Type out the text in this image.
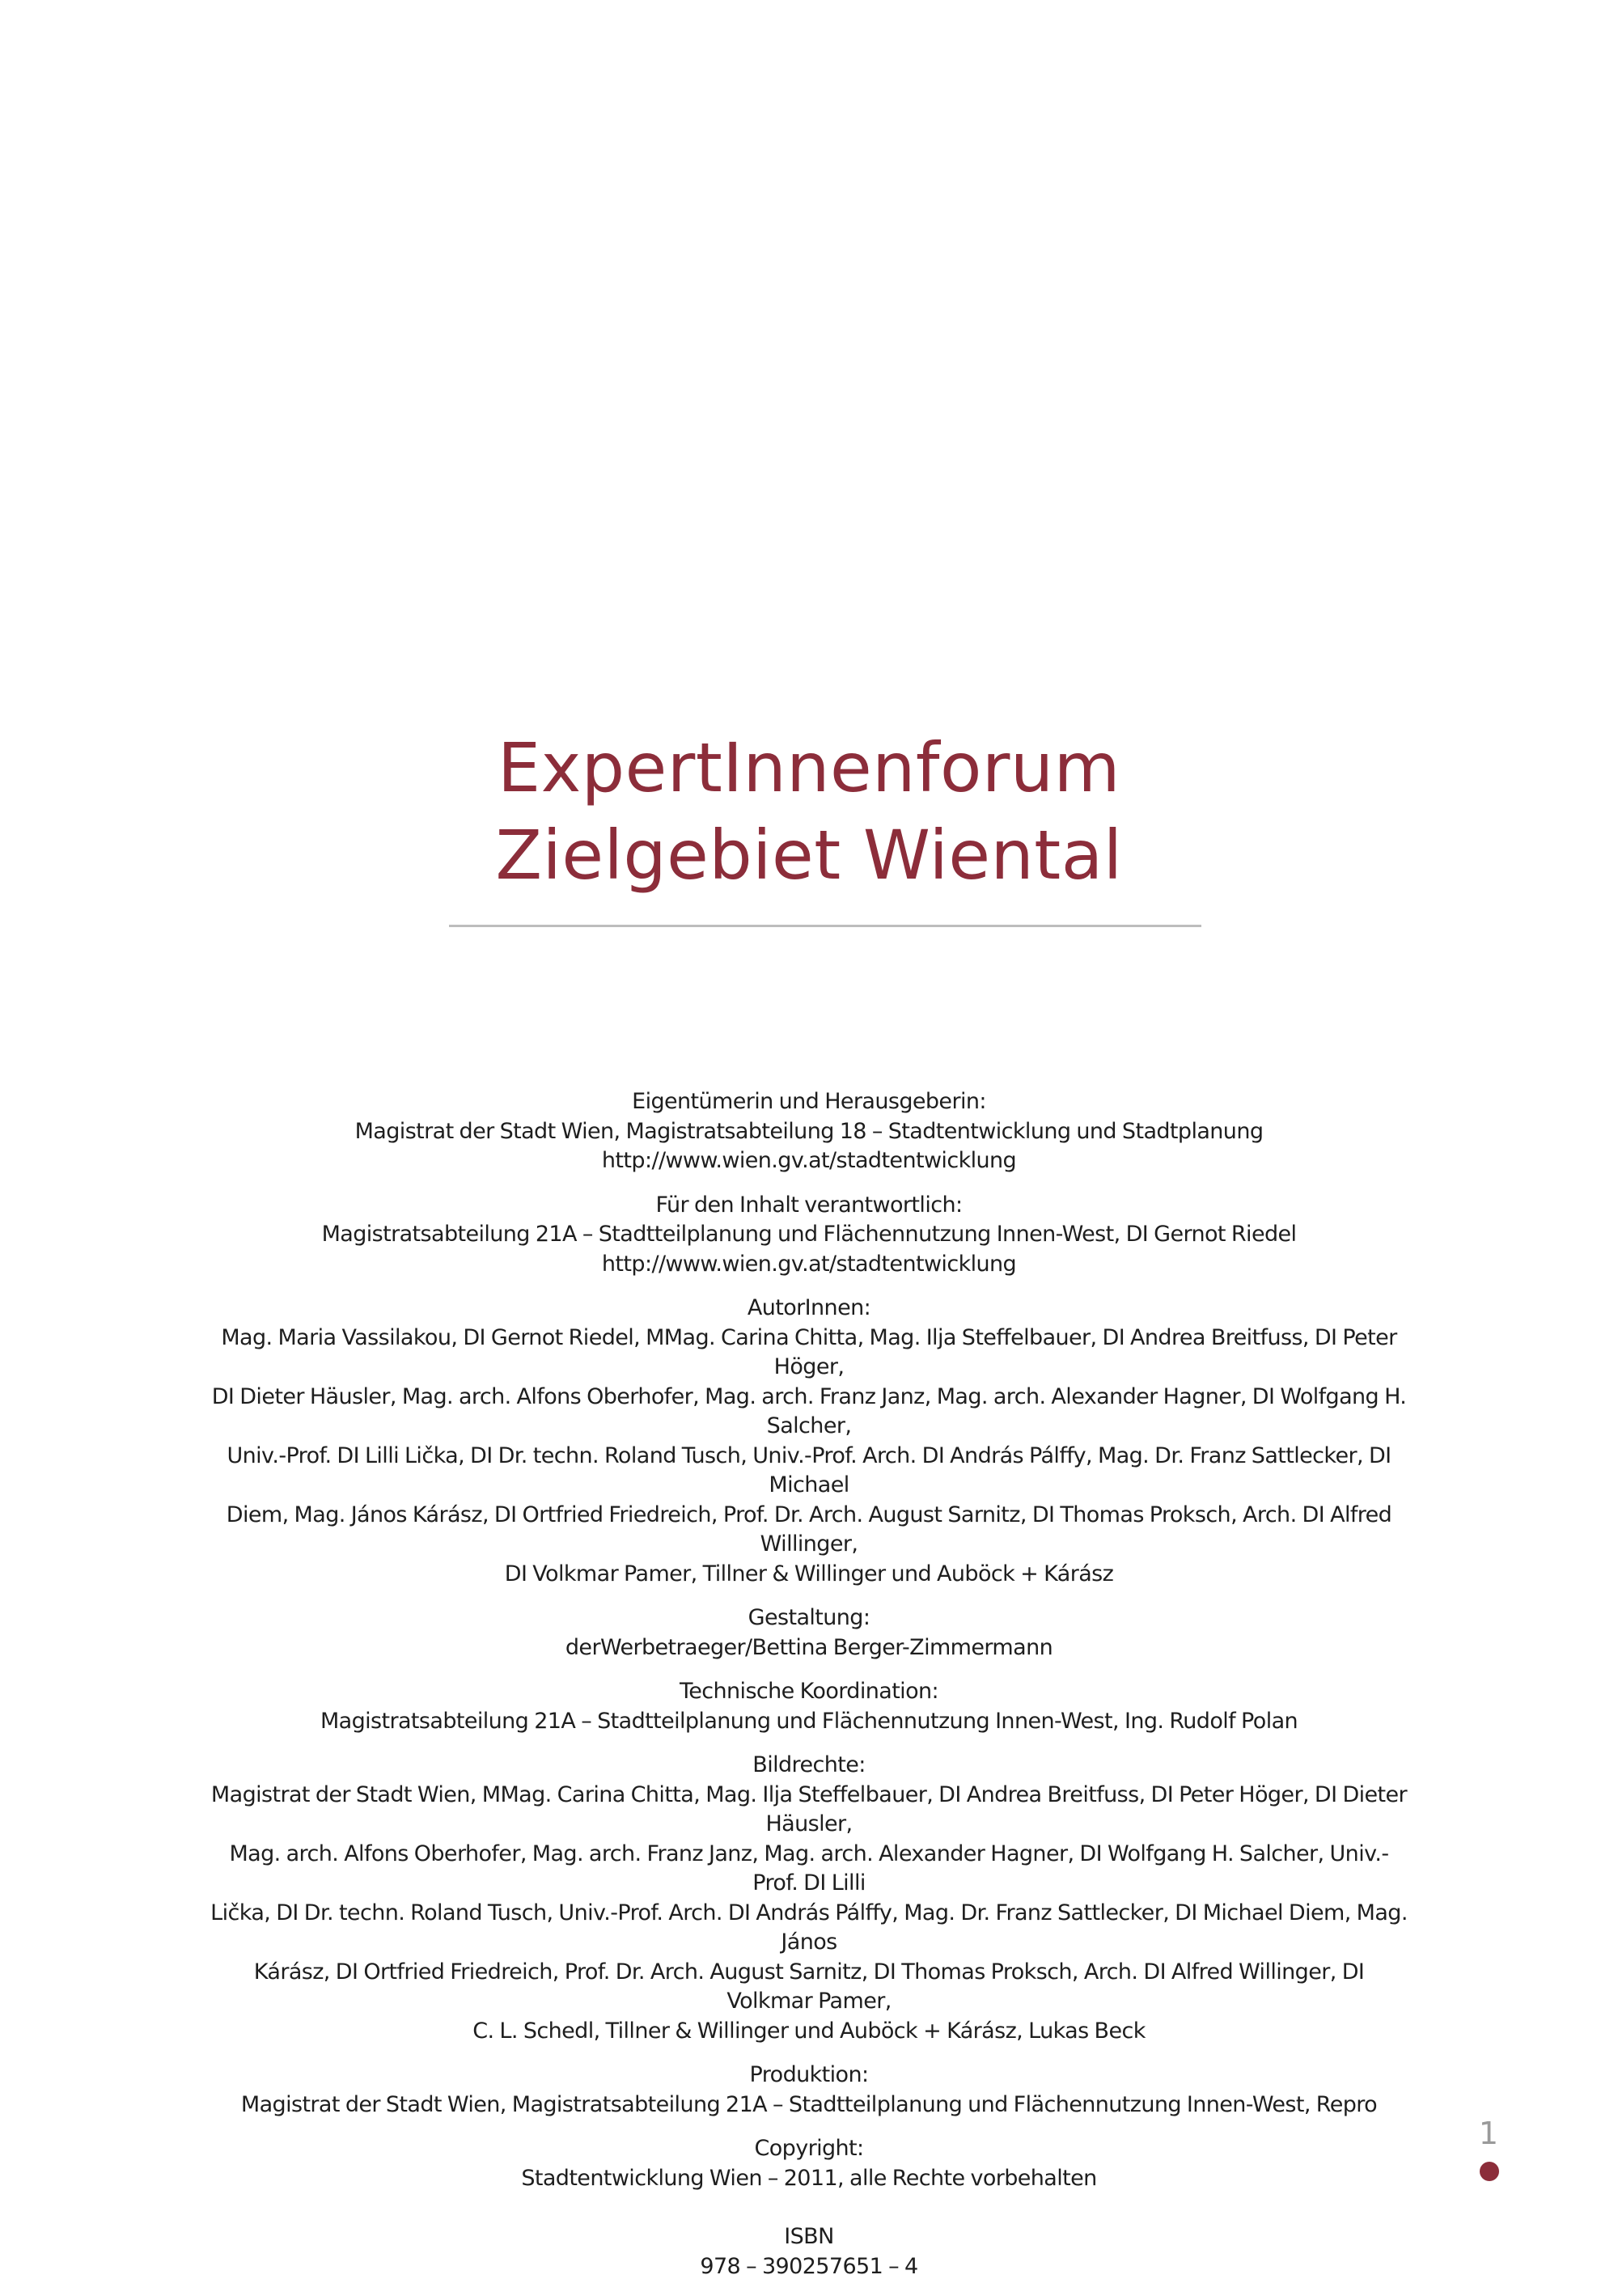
ExpertInnenforum
Zielgebiet Wiental
Eigentümerin und Herausgeberin:
Magistrat der Stadt Wien, Magistratsabteilung 18 – Stadtentwicklung und Stadtplanung
http://www.wien.gv.at/stadtentwicklung
Für den Inhalt verantwortlich:
Magistratsabteilung 21A – Stadtteilplanung und Flächennutzung Innen-West, DI Gernot Riedel
http://www.wien.gv.at/stadtentwicklung
AutorInnen:
Mag. Maria Vassilakou, DI Gernot Riedel, MMag. Carina Chitta, Mag. Ilja Steffelbauer, DI Andrea Breitfuss, DI Peter Höger,
DI Dieter Häusler, Mag. arch. Alfons Oberhofer, Mag. arch. Franz Janz, Mag. arch. Alexander Hagner, DI Wolfgang H. Salcher,
Univ.-Prof. DI Lilli Lička, DI Dr. techn. Roland Tusch, Univ.-Prof. Arch. DI András Pálffy, Mag. Dr. Franz Sattlecker, DI Michael
Diem, Mag. János Kárász, DI Ortfried Friedreich, Prof. Dr. Arch. August Sarnitz, DI Thomas Proksch, Arch. DI Alfred Willinger,
DI Volkmar Pamer, Tillner & Willinger und Auböck + Kárász
Gestaltung:
derWerbetraeger/Bettina Berger-Zimmermann
Technische Koordination:
Magistratsabteilung 21A – Stadtteilplanung und Flächennutzung Innen-West, Ing. Rudolf Polan
Bildrechte:
Magistrat der Stadt Wien, MMag. Carina Chitta, Mag. Ilja Steffelbauer, DI Andrea Breitfuss, DI Peter Höger, DI Dieter Häusler,
Mag. arch. Alfons Oberhofer, Mag. arch. Franz Janz, Mag. arch. Alexander Hagner, DI Wolfgang H. Salcher, Univ.-Prof. DI Lilli
Lička, DI Dr. techn. Roland Tusch, Univ.-Prof. Arch. DI András Pálffy, Mag. Dr. Franz Sattlecker, DI Michael Diem, Mag. János
Kárász, DI Ortfried Friedreich, Prof. Dr. Arch. August Sarnitz, DI Thomas Proksch, Arch. DI Alfred Willinger, DI Volkmar Pamer,
C. L. Schedl, Tillner & Willinger und Auböck + Kárász, Lukas Beck
Produktion:
Magistrat der Stadt Wien, Magistratsabteilung 21A – Stadtteilplanung und Flächennutzung Innen-West, Repro
Copyright:
Stadtentwicklung Wien – 2011, alle Rechte vorbehalten
ISBN
978 – 390257651 – 4
1
